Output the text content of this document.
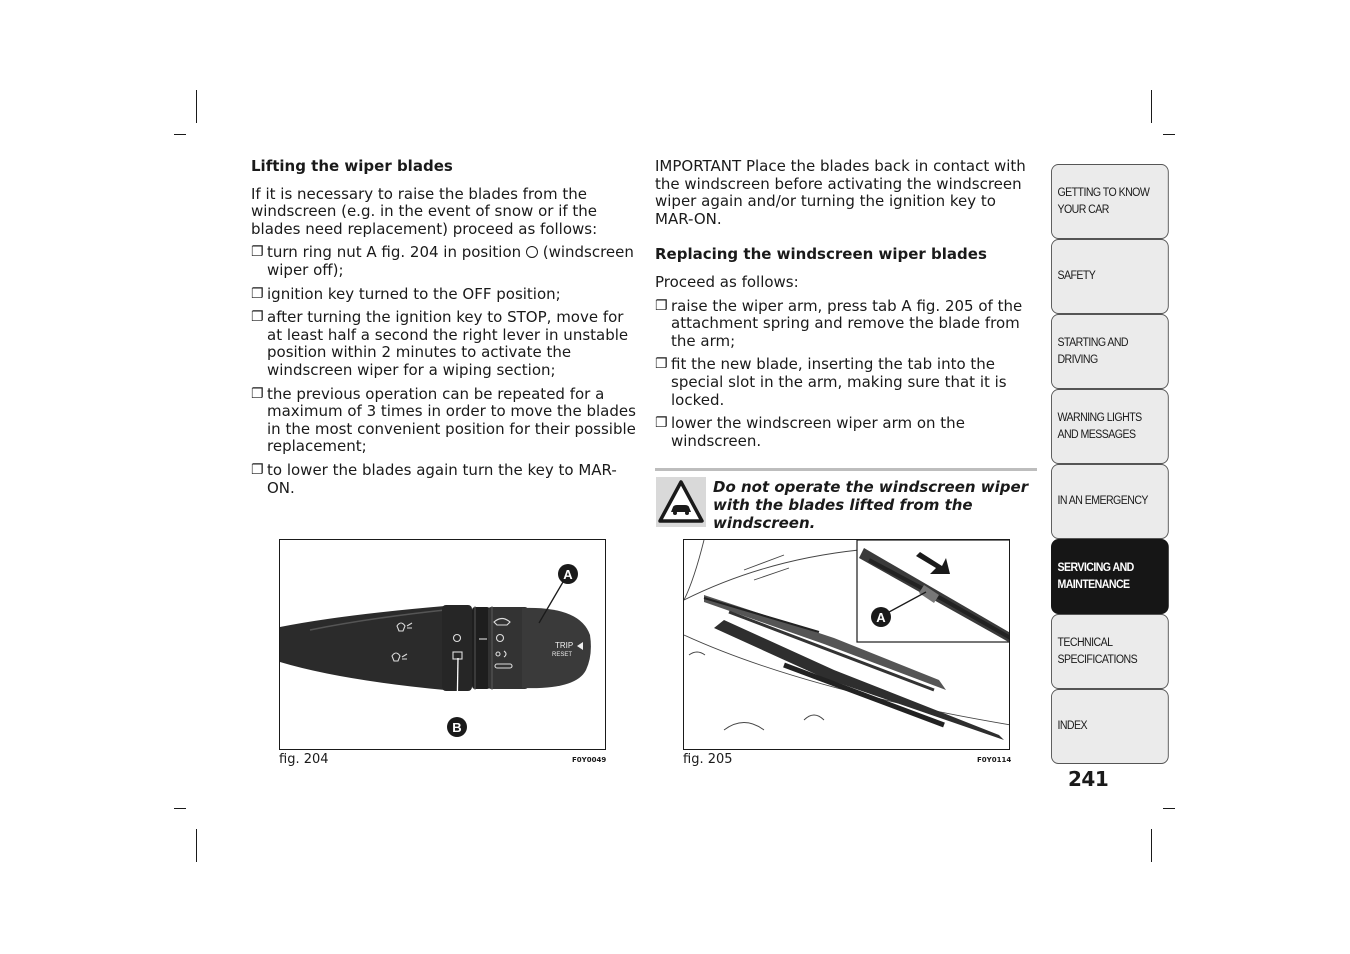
Lifting the wiper blades
If it is necessary to raise the blades from the windscreen (e.g. in the event of snow or if the blades need replacement) proceed as follows:
❐ turn ring nut A fig. 204 in position (windscreen wiper off);
❐ ignition key turned to the OFF position;
❐ after turning the ignition key to STOP, move for at least half a second the right lever in unstable position within 2 minutes to activate the windscreen wiper for a wiping section;
❐ the previous operation can be repeated for a maximum of 3 times in order to move the blades in the most convenient position for their possible replacement;
❐ to lower the blades again turn the key to MAR-ON.
IMPORTANT Place the blades back in contact with the windscreen before activating the windscreen wiper again and/or turning the ignition key to MAR-ON.
Replacing the windscreen wiper blades
Proceed as follows:
❐ raise the wiper arm, press tab A fig. 205 of the attachment spring and remove the blade from the arm;
❐ fit the new blade, inserting the tab into the special slot in the arm, making sure that it is locked.
❐ lower the windscreen wiper arm on the windscreen.
Do not operate the windscreen wiper with the blades lifted from the windscreen.
TRIP
RESET
A
B
fig. 204	F0Y0049
A
fig. 205	F0Y0114
GETTING TO KNOW
YOUR CAR
SAFETY
STARTING AND
DRIVING
WARNING LIGHTS
AND MESSAGES
IN AN EMERGENCY
SERVICING AND
MAINTENANCE
TECHNICAL
SPECIFICATIONS
INDEX
241
